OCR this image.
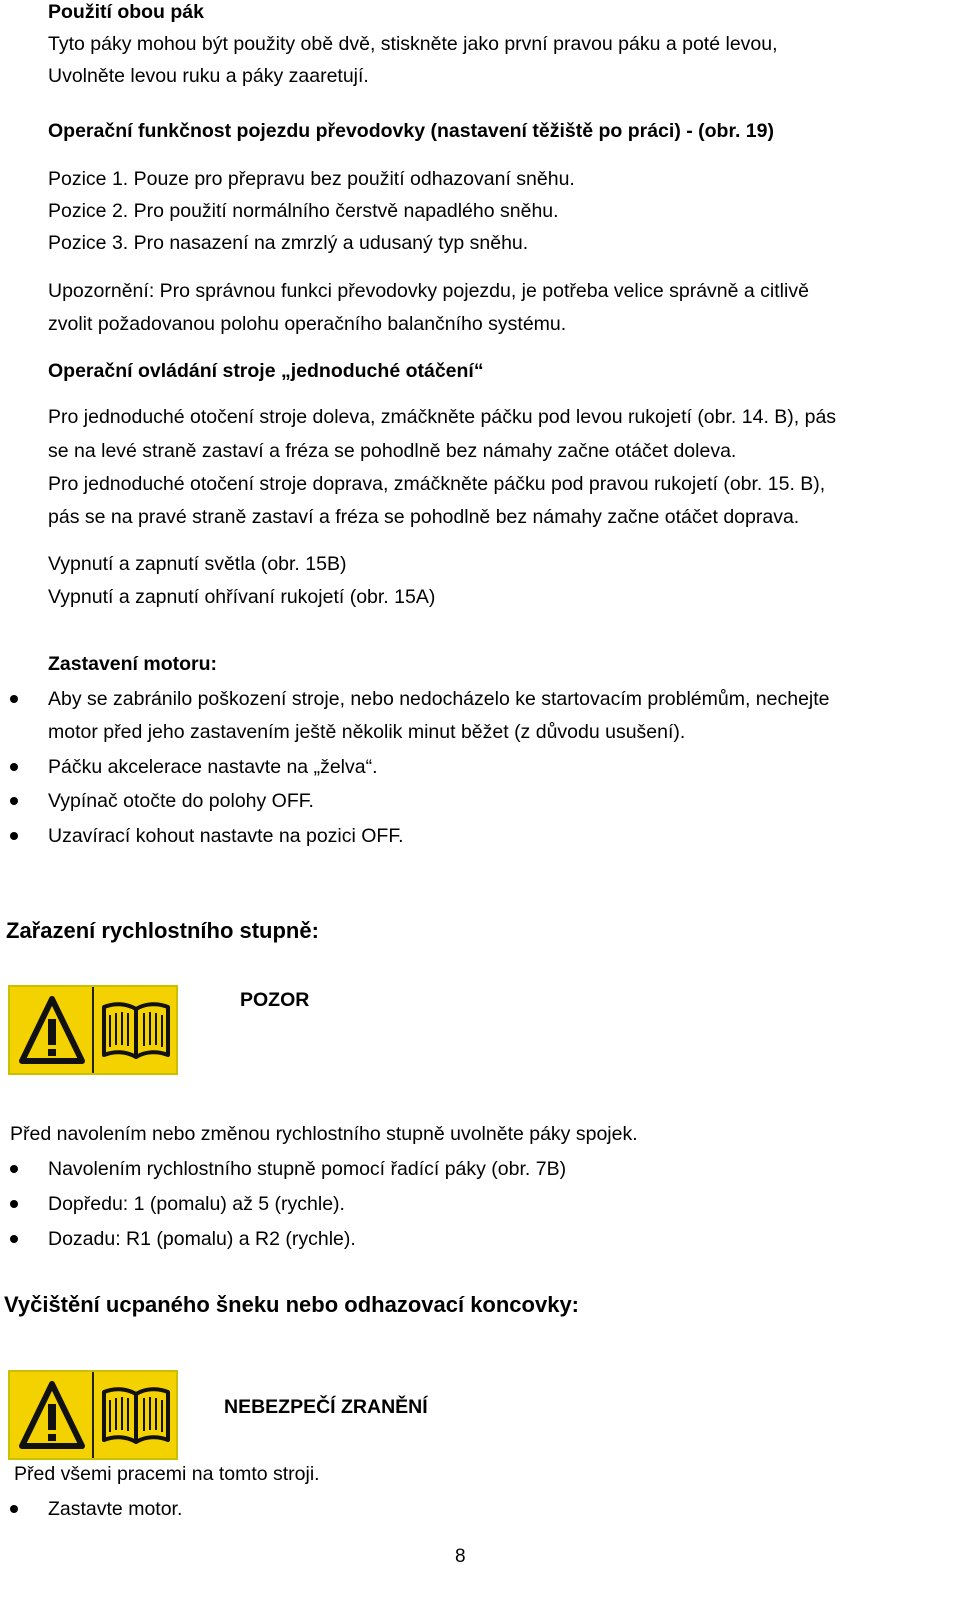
Použití obou pák
Tyto páky mohou být použity obě dvě, stiskněte jako první pravou páku a poté levou,
Uvolněte levou ruku a páky zaaretují.
Operační funkčnost pojezdu převodovky (nastavení těžiště po práci) - (obr. 19)
Pozice 1. Pouze pro přepravu bez použití odhazovaní sněhu.
Pozice 2. Pro použití normálního čerstvě napadlého sněhu.
Pozice 3. Pro nasazení na zmrzlý a udusaný typ sněhu.
Upozornění: Pro správnou funkci převodovky pojezdu, je potřeba velice správně a citlivě
zvolit požadovanou polohu operačního balančního systému.
Operační ovládání stroje „jednoduché otáčení“
Pro jednoduché otočení stroje doleva, zmáčkněte páčku pod levou rukojetí (obr. 14. B), pás
se na levé straně zastaví a fréza se pohodlně bez námahy začne otáčet doleva.
Pro jednoduché otočení stroje doprava, zmáčkněte páčku pod pravou rukojetí (obr. 15. B),
pás se na pravé straně zastaví a fréza se pohodlně bez námahy začne otáčet doprava.
Vypnutí a zapnutí světla (obr. 15B)
Vypnutí a zapnutí ohřívaní rukojetí (obr. 15A)
Zastavení motoru:
Aby se zabránilo poškození stroje, nebo nedocházelo ke startovacím problémům, nechejte
motor před jeho zastavením ještě několik minut běžet (z důvodu usušení).
Páčku akcelerace nastavte na „želva“.
Vypínač otočte do polohy OFF.
Uzavírací kohout nastavte na pozici OFF.
Zařazení rychlostního stupně:
POZOR
Před navolením nebo změnou rychlostního stupně uvolněte páky spojek.
Navolením rychlostního stupně pomocí řadící páky (obr. 7B)
Dopředu: 1 (pomalu) až 5 (rychle).
Dozadu: R1 (pomalu) a R2 (rychle).
Vyčištění ucpaného šneku nebo odhazovací koncovky:
NEBEZPEČÍ ZRANĚNÍ
Před všemi pracemi na tomto stroji.
Zastavte motor.
8
